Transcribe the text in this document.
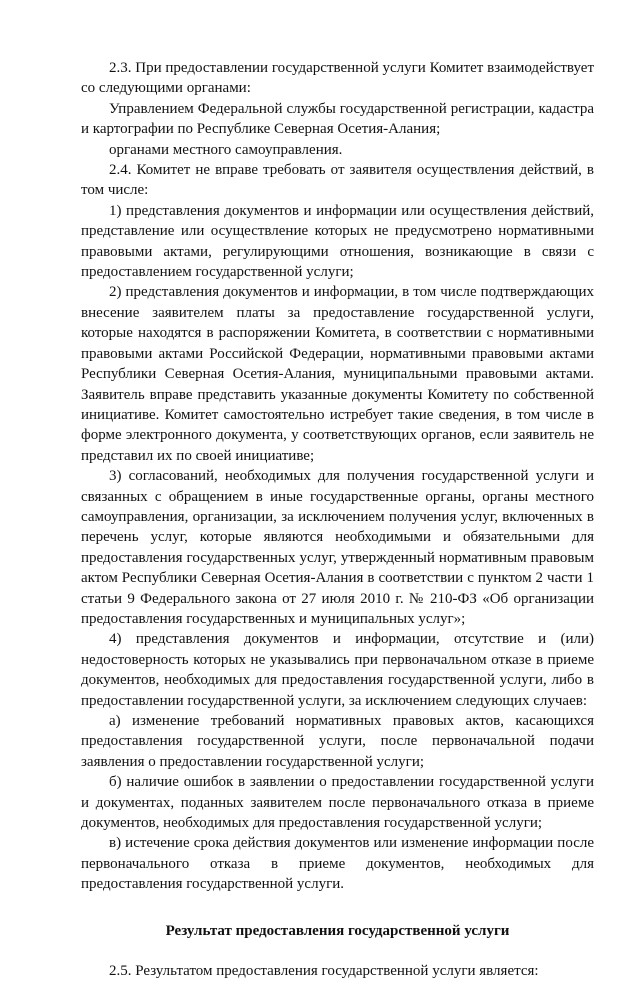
2.3. При предоставлении государственной услуги Комитет взаимодействует со следующими органами:

Управлением Федеральной службы государственной регистрации, кадастра и картографии по Республике Северная Осетия-Алания;

органами местного самоуправления.

2.4. Комитет не вправе требовать от заявителя осуществления действий, в том числе:

1) представления документов и информации или осуществления действий, представление или осуществление которых не предусмотрено нормативными правовыми актами, регулирующими отношения, возникающие в связи с предоставлением государственной услуги;

2) представления документов и информации, в том числе подтверждающих внесение заявителем платы за предоставление государственной услуги, которые находятся в распоряжении Комитета, в соответствии с нормативными правовыми актами Российской Федерации, нормативными правовыми актами Республики Северная Осетия-Алания, муниципальными правовыми актами. Заявитель вправе представить указанные документы Комитету по собственной инициативе. Комитет самостоятельно истребует такие сведения, в том числе в форме электронного документа, у соответствующих органов, если заявитель не представил их по своей инициативе;

3) согласований, необходимых для получения государственной услуги и связанных с обращением в иные государственные органы, органы местного самоуправления, организации, за исключением получения услуг, включенных в перечень услуг, которые являются необходимыми и обязательными для предоставления государственных услуг, утвержденный нормативным правовым актом Республики Северная Осетия-Алания в соответствии с пунктом 2 части 1 статьи 9 Федерального закона от 27 июля 2010 г. № 210-ФЗ «Об организации предоставления государственных и муниципальных услуг»;

4) представления документов и информации, отсутствие и (или) недостоверность которых не указывались при первоначальном отказе в приеме документов, необходимых для предоставления государственной услуги, либо в предоставлении государственной услуги, за исключением следующих случаев:

а) изменение требований нормативных правовых актов, касающихся предоставления государственной услуги, после первоначальной подачи заявления о предоставлении государственной услуги;

б) наличие ошибок в заявлении о предоставлении государственной услуги и документах, поданных заявителем после первоначального отказа в приеме документов, необходимых для предоставления государственной услуги;

в) истечение срока действия документов или изменение информации после первоначального отказа в приеме документов, необходимых для предоставления государственной услуги.

Результат предоставления государственной услуги

2.5. Результатом предоставления государственной услуги является:
